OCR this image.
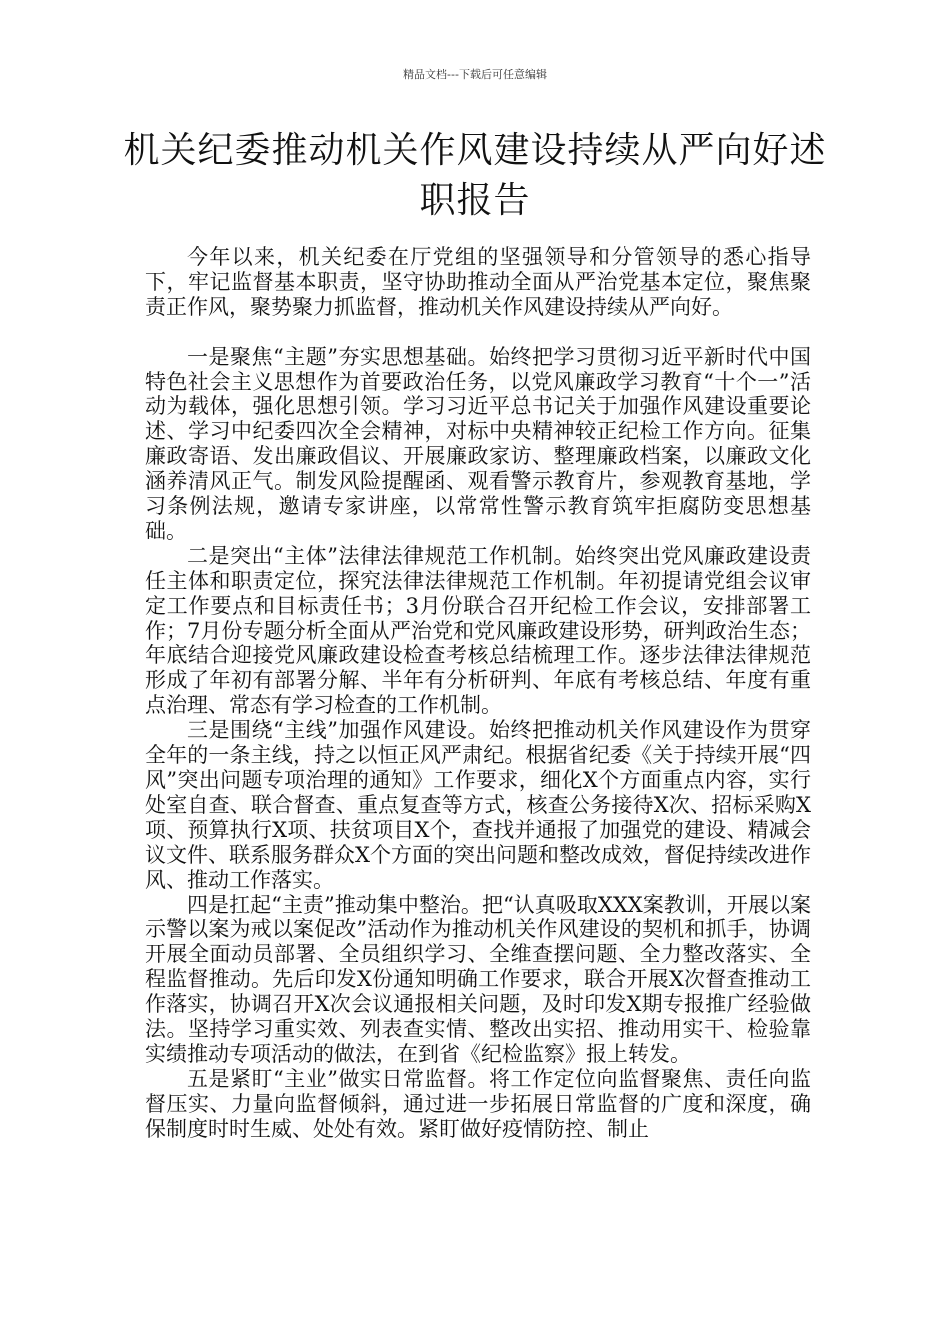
精品文档---下载后可任意编辑
机关纪委推动机关作风建设持续从严向好述职报告

今年以来，机关纪委在厅党组的坚强领导和分管领导的悉心指导下，牢记监督基本职责，坚守协助推动全面从严治党基本定位，聚焦聚责正作风，聚势聚力抓监督，推动机关作风建设持续从严向好。

一是聚焦“主题”夯实思想基础。始终把学习贯彻习近平新时代中国特色社会主义思想作为首要政治任务，以党风廉政学习教育“十个一”活动为载体，强化思想引领。学习习近平总书记关于加强作风建设重要论述、学习中纪委四次全会精神，对标中央精神较正纪检工作方向。征集廉政寄语、发出廉政倡议、开展廉政家访、整理廉政档案，以廉政文化涵养清风正气。制发风险提醒函、观看警示教育片，参观教育基地，学习条例法规，邀请专家讲座，以常常性警示教育筑牢拒腐防变思想基础。

二是突出“主体”法律法律规范工作机制。始终突出党风廉政建设责任主体和职责定位，探究法律法律规范工作机制。年初提请党组会议审定工作要点和目标责任书；3月份联合召开纪检工作会议，安排部署工作；7月份专题分析全面从严治党和党风廉政建设形势，研判政治生态；年底结合迎接党风廉政建设检查考核总结梳理工作。逐步法律法律规范形成了年初有部署分解、半年有分析研判、年底有考核总结、年度有重点治理、常态有学习检查的工作机制。

三是围绕“主线”加强作风建设。始终把推动机关作风建设作为贯穿全年的一条主线，持之以恒正风严肃纪。根据省纪委《关于持续开展“四风”突出问题专项治理的通知》工作要求，细化X个方面重点内容，实行处室自查、联合督查、重点复查等方式，核查公务接待X次、招标采购X项、预算执行X项、扶贫项目X个，查找并通报了加强党的建设、精减会议文件、联系服务群众X个方面的突出问题和整改成效，督促持续改进作风、推动工作落实。

四是扛起“主责”推动集中整治。把“认真吸取XXX案教训，开展以案示警以案为戒以案促改”活动作为推动机关作风建设的契机和抓手，协调开展全面动员部署、全员组织学习、全维查摆问题、全力整改落实、全程监督推动。先后印发X份通知明确工作要求，联合开展X次督查推动工作落实，协调召开X次会议通报相关问题，及时印发X期专报推广经验做法。坚持学习重实效、列表查实情、整改出实招、推动用实干、检验靠实绩推动专项活动的做法，在到省《纪检监察》报上转发。

五是紧盯“主业”做实日常监督。将工作定位向监督聚焦、责任向监督压实、力量向监督倾斜，通过进一步拓展日常监督的广度和深度，确保制度时时生威、处处有效。紧盯做好疫情防控、制止
